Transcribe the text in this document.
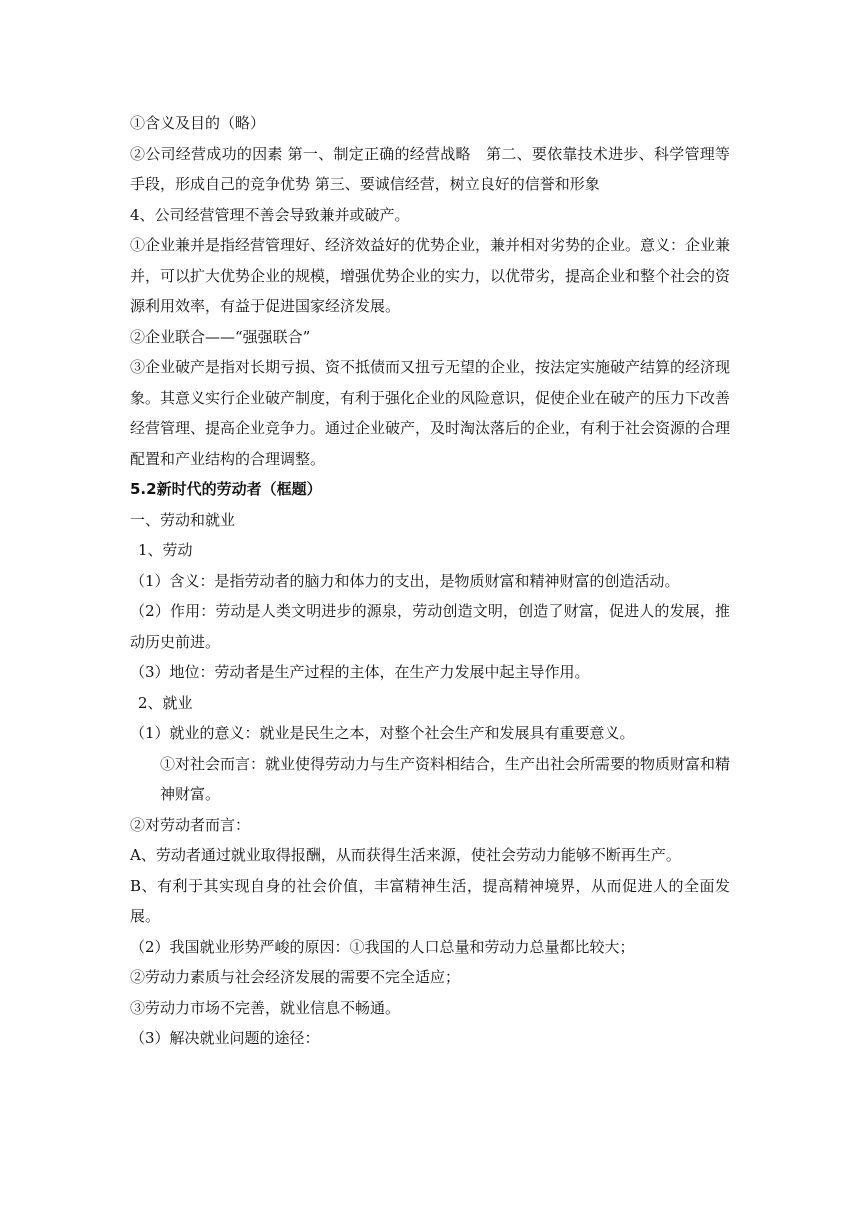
①含义及目的（略）

②公司经营成功的因素 第一、制定正确的经营战略　第二、要依靠技术进步、科学管理等手段，形成自己的竞争优势 第三、要诚信经营，树立良好的信誉和形象

4、公司经营管理不善会导致兼并或破产。

①企业兼并是指经营管理好、经济效益好的优势企业，兼并相对劣势的企业。意义：企业兼并，可以扩大优势企业的规模，增强优势企业的实力，以优带劣，提高企业和整个社会的资源利用效率，有益于促进国家经济发展。

②企业联合——“强强联合”

③企业破产是指对长期亏损、资不抵债而又扭亏无望的企业，按法定实施破产结算的经济现象。其意义实行企业破产制度，有利于强化企业的风险意识，促使企业在破产的压力下改善经营管理、提高企业竞争力。通过企业破产，及时淘汰落后的企业，有利于社会资源的合理配置和产业结构的合理调整。

5.2新时代的劳动者（框题）

一、劳动和就业

1、劳动

（1）含义：是指劳动者的脑力和体力的支出，是物质财富和精神财富的创造活动。

（2）作用：劳动是人类文明进步的源泉，劳动创造文明，创造了财富，促进人的发展，推动历史前进。

（3）地位：劳动者是生产过程的主体，在生产力发展中起主导作用。

2、就业

（1）就业的意义：就业是民生之本，对整个社会生产和发展具有重要意义。

①对社会而言：就业使得劳动力与生产资料相结合，生产出社会所需要的物质财富和精神财富。

②对劳动者而言：

A、劳动者通过就业取得报酬，从而获得生活来源，使社会劳动力能够不断再生产。

B、有利于其实现自身的社会价值，丰富精神生活，提高精神境界，从而促进人的全面发展。

（2）我国就业形势严峻的原因：①我国的人口总量和劳动力总量都比较大；

②劳动力素质与社会经济发展的需要不完全适应；

③劳动力市场不完善，就业信息不畅通。

（3）解决就业问题的途径：
